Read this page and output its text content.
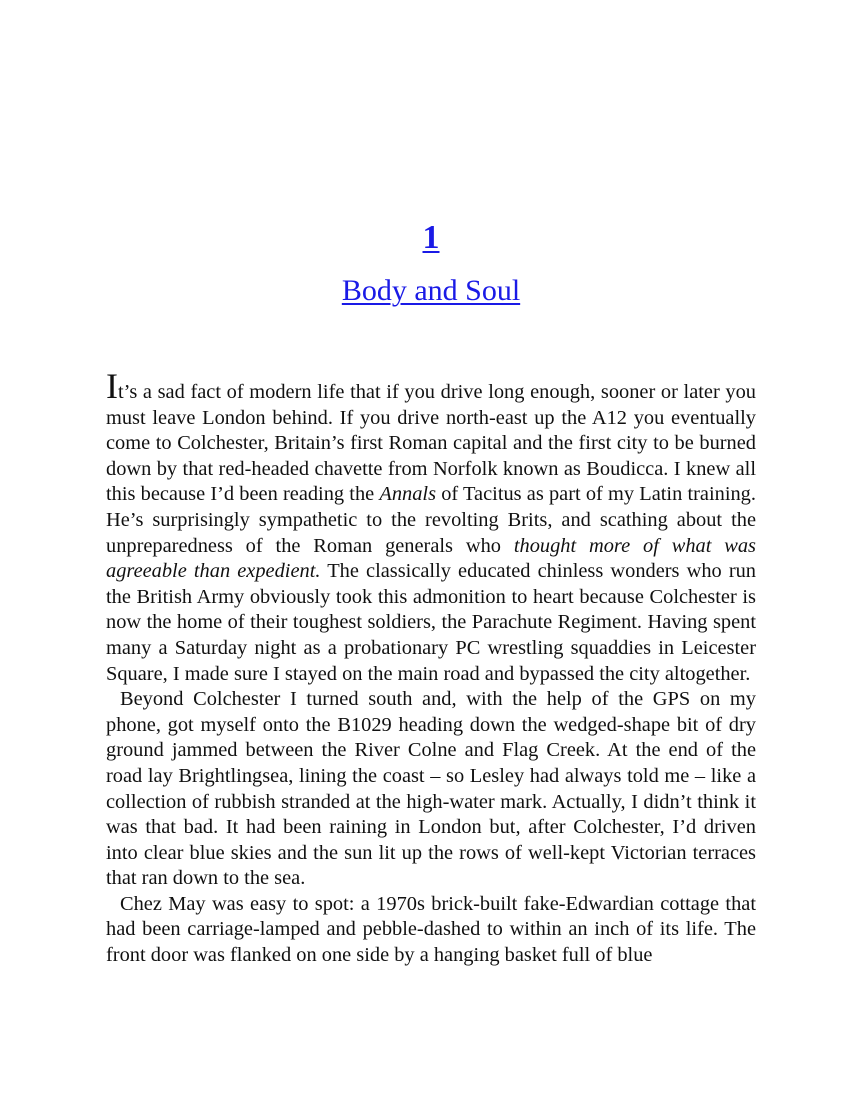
1
Body and Soul

It’s a sad fact of modern life that if you drive long enough, sooner or later you must leave London behind. If you drive north-east up the A12 you eventually come to Colchester, Britain’s first Roman capital and the first city to be burned down by that red-headed chavette from Norfolk known as Boudicca. I knew all this because I’d been reading the Annals of Tacitus as part of my Latin training. He’s surprisingly sympathetic to the revolting Brits, and scathing about the unpreparedness of the Roman generals who thought more of what was agreeable than expedient. The classically educated chinless wonders who run the British Army obviously took this admonition to heart because Colchester is now the home of their toughest soldiers, the Parachute Regiment. Having spent many a Saturday night as a probationary PC wrestling squaddies in Leicester Square, I made sure I stayed on the main road and bypassed the city altogether.

Beyond Colchester I turned south and, with the help of the GPS on my phone, got myself onto the B1029 heading down the wedged-shape bit of dry ground jammed between the River Colne and Flag Creek. At the end of the road lay Brightlingsea, lining the coast – so Lesley had always told me – like a collection of rubbish stranded at the high-water mark. Actually, I didn’t think it was that bad. It had been raining in London but, after Colchester, I’d driven into clear blue skies and the sun lit up the rows of well-kept Victorian terraces that ran down to the sea.

Chez May was easy to spot: a 1970s brick-built fake-Edwardian cottage that had been carriage-lamped and pebble-dashed to within an inch of its life. The front door was flanked on one side by a hanging basket full of blue
